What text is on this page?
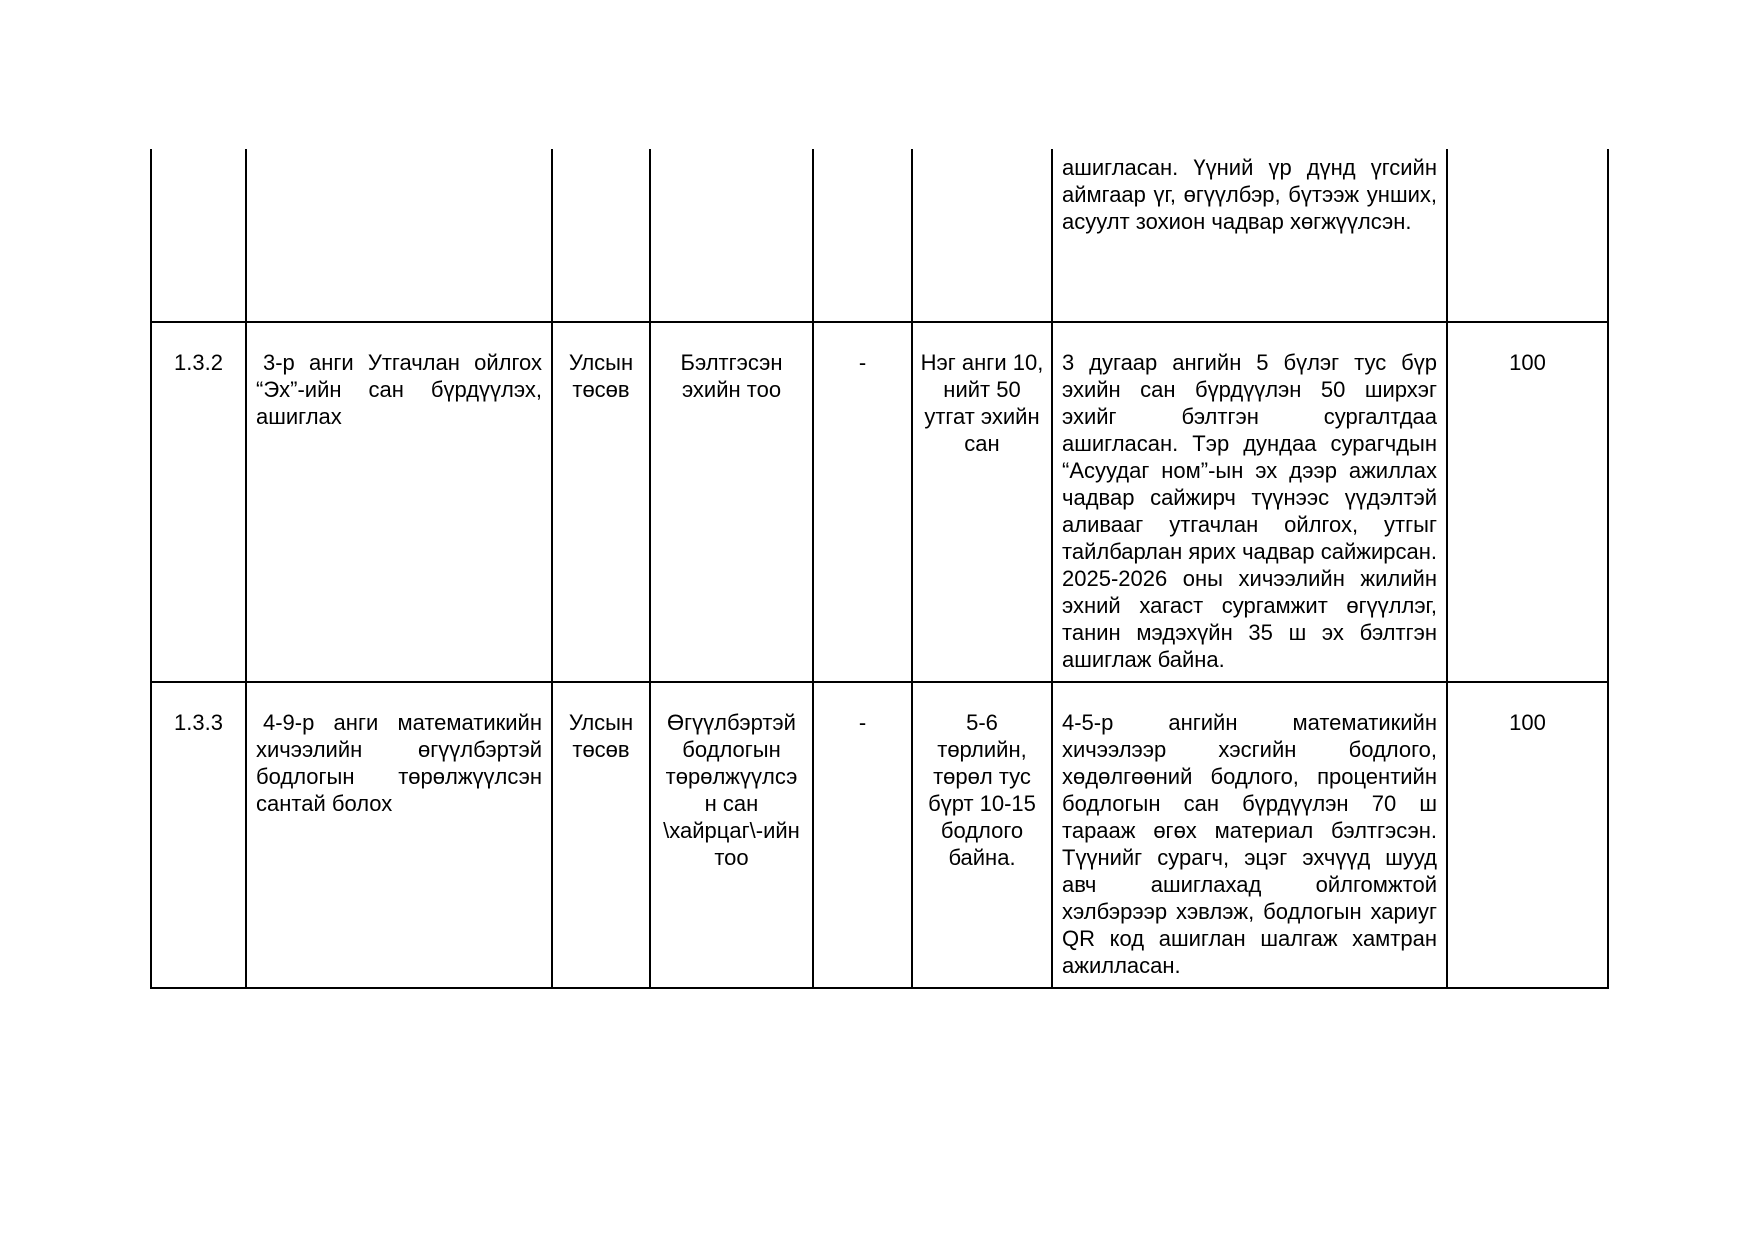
						ашигласан. Үүний үр дүнд үгсийн аймгаар үг, өгүүлбэр, бүтээж унших, асуулт зохион чадвар хөгжүүлсэн.	
1.3.2	3-р анги Утгачлан ойлгох “Эх”-ийн сан бүрдүүлэх, ашиглах	Улсын төсөв	Бэлтгэсэн эхийн тоо	-	Нэг анги 10, нийт 50 утгат эхийн сан	3 дугаар ангийн 5 бүлэг тус бүр эхийн сан бүрдүүлэн 50 ширхэг эхийг бэлтгэн сургалтдаа ашигласан. Тэр дундаа сурагчдын “Асуудаг ном”-ын эх дээр ажиллах чадвар сайжирч түүнээс үүдэлтэй аливааг утгачлан ойлгох, утгыг тайлбарлан ярих чадвар сайжирсан. 2025-2026 оны хичээлийн жилийн эхний хагаст сургамжит өгүүллэг, танин мэдэхүйн 35 ш эх бэлтгэн ашиглаж байна.	100
1.3.3	4-9-р анги математикийн хичээлийн өгүүлбэртэй бодлогын төрөлжүүлсэн сантай болох	Улсын төсөв	Өгүүлбэртэй бодлогын төрөлжүүлсэн сан \хайрцаг\-ийн тоо	-	5-6 төрлийн, төрөл тус бүрт 10-15 бодлого байна.	4-5-р ангийн математикийн хичээлээр хэсгийн бодлого, хөдөлгөөний бодлого, процентийн бодлогын сан бүрдүүлэн 70 ш тарааж өгөх материал бэлтгэсэн. Түүнийг сурагч, эцэг эхчүүд шууд авч ашиглахад ойлгомжтой хэлбэрээр хэвлэж, бодлогын хариуг QR код ашиглан шалгаж хамтран ажилласан.	100
